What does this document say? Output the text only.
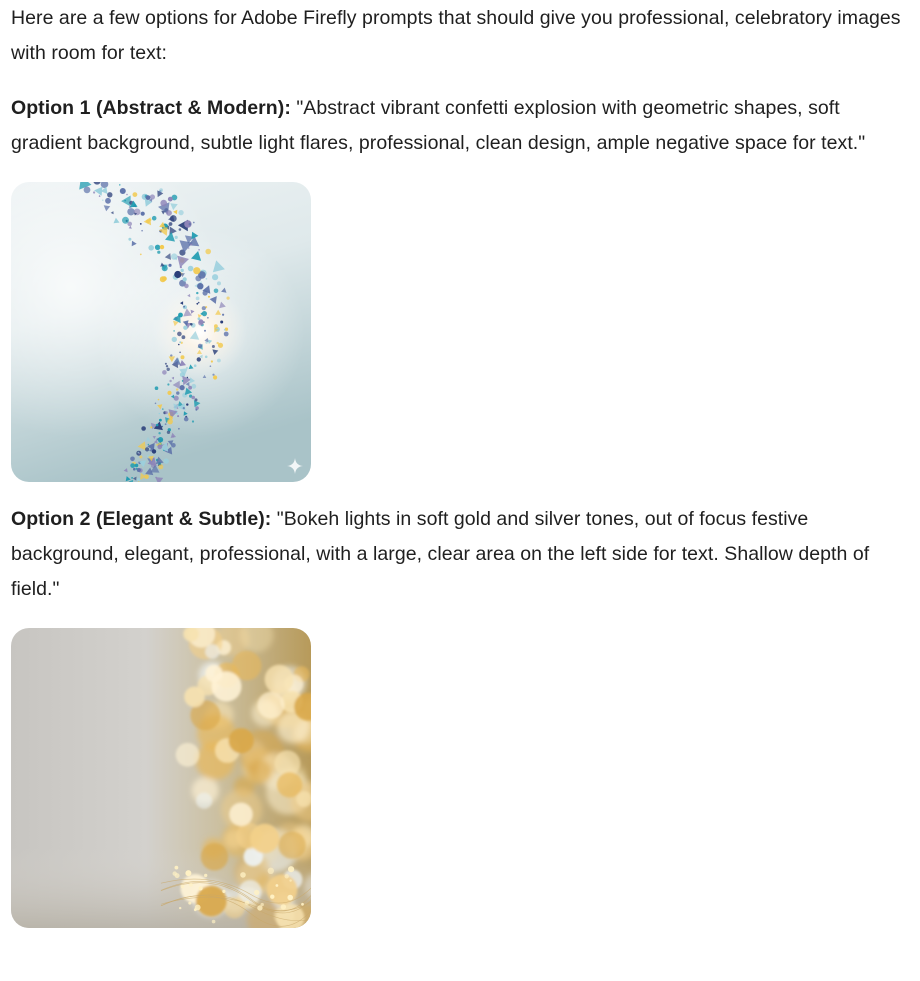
Here are a few options for Adobe Firefly prompts that should give you professional, celebratory images with room for text:

Option 1 (Abstract & Modern): "Abstract vibrant confetti explosion with geometric shapes, soft gradient background, subtle light flares, professional, clean design, ample negative space for text."

Option 2 (Elegant & Subtle): "Bokeh lights in soft gold and silver tones, out of focus festive background, elegant, professional, with a large, clear area on the left side for text. Shallow depth of field."
